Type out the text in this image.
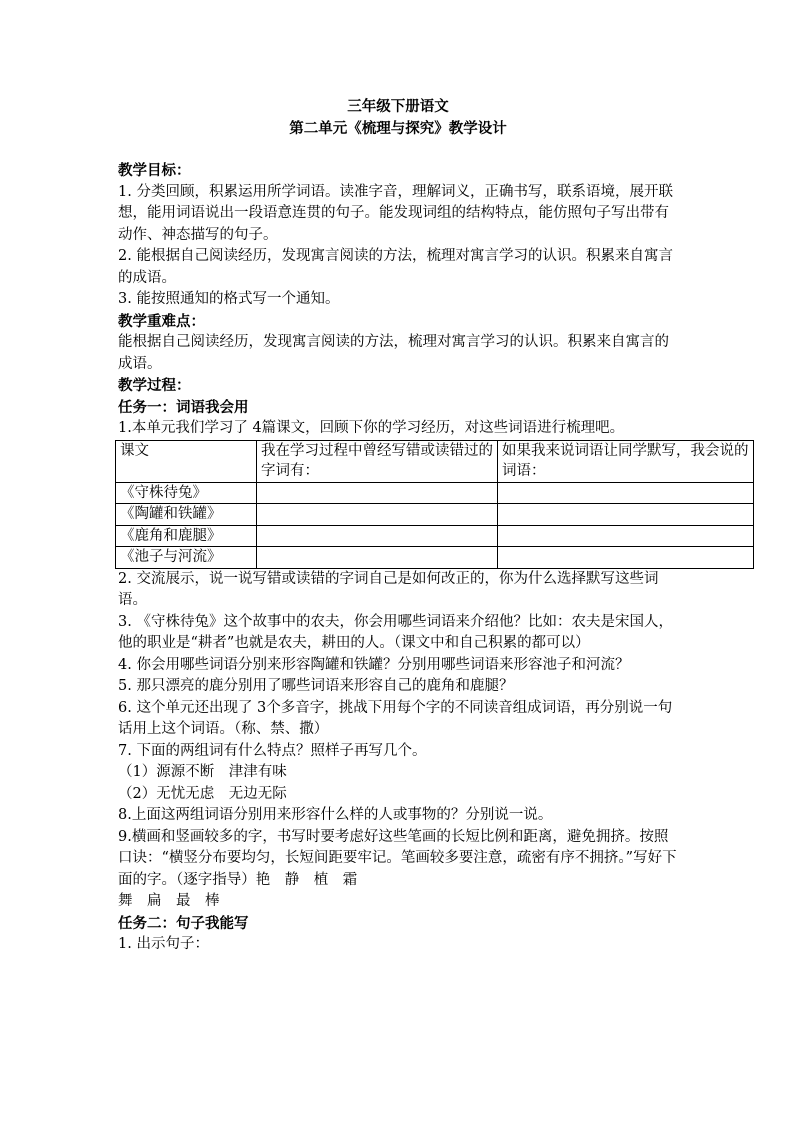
三年级下册语文

第二单元《梳理与探究》教学设计

教学目标：

1. 分类回顾，积累运用所学词语。读准字音，理解词义，正确书写，联系语境，展开联想，能用词语说出一段语意连贯的句子。能发现词组的结构特点，能仿照句子写出带有动作、神态描写的句子。

2. 能根据自己阅读经历，发现寓言阅读的方法，梳理对寓言学习的认识。积累来自寓言的成语。

3. 能按照通知的格式写一个通知。

教学重难点：

能根据自己阅读经历，发现寓言阅读的方法，梳理对寓言学习的认识。积累来自寓言的成语。

教学过程：

任务一：词语我会用

1.本单元我们学习了 4篇课文，回顾下你的学习经历，对这些词语进行梳理吧。

课文	我在学习过程中曾经写错或读错过的字词有：	如果我来说词语让同学默写，我会说的词语：
《守株待兔》		
《陶罐和铁罐》		
《鹿角和鹿腿》		
《池子与河流》		

2. 交流展示，说一说写错或读错的字词自己是如何改正的，你为什么选择默写这些词语。

3. 《守株待兔》这个故事中的农夫，你会用哪些词语来介绍他？比如：农夫是宋国人，他的职业是“耕者”也就是农夫，耕田的人。（课文中和自己积累的都可以）

4. 你会用哪些词语分别来形容陶罐和铁罐？分别用哪些词语来形容池子和河流？

5. 那只漂亮的鹿分别用了哪些词语来形容自己的鹿角和鹿腿？

6. 这个单元还出现了 3个多音字，挑战下用每个字的不同读音组成词语，再分别说一句话用上这个词语。（称、禁、撒）

7. 下面的两组词有什么特点？照样子再写几个。

（1）源源不断　津津有味

（2）无忧无虑　无边无际

8.上面这两组词语分别用来形容什么样的人或事物的？分别说一说。

9.横画和竖画较多的字，书写时要考虑好这些笔画的长短比例和距离，避免拥挤。按照口诀：“横竖分布要均匀，长短间距要牢记。笔画较多要注意，疏密有序不拥挤。”写好下面的字。（逐字指导）艳　静　植　霜

舞　扁　最　棒

任务二：句子我能写

1. 出示句子：
